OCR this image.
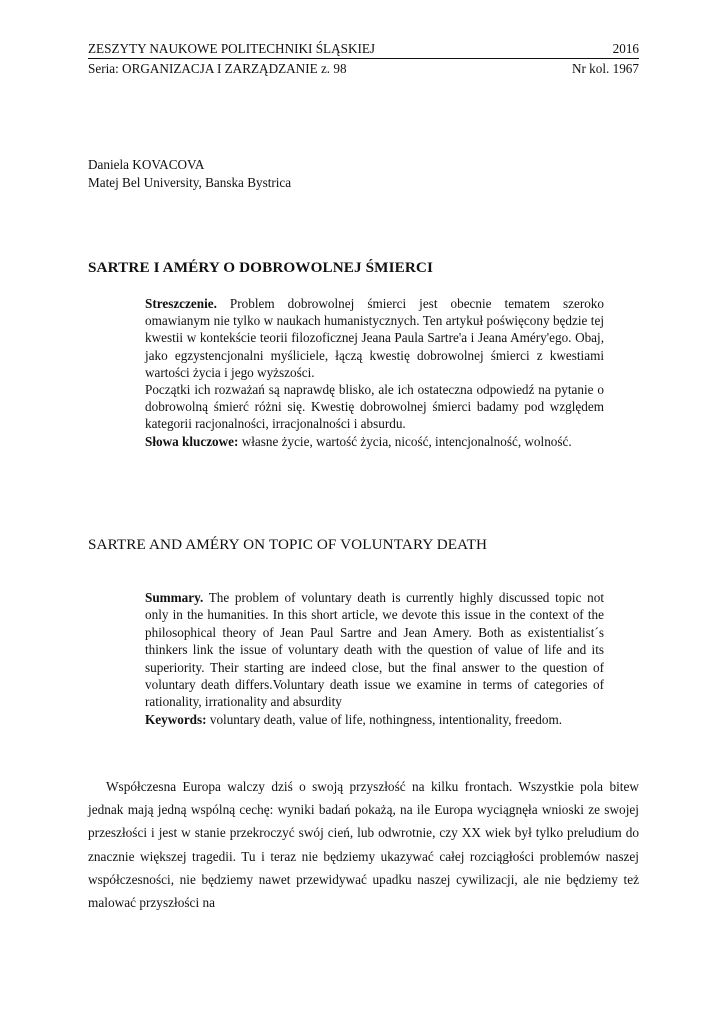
ZESZYTY NAUKOWE POLITECHNIKI ŚLĄSKIEJ	2016
Seria: ORGANIZACJA I ZARZĄDZANIE z. 98	Nr kol. 1967
Daniela KOVACOVA
Matej Bel University, Banska Bystrica
SARTRE I AMÉRY O DOBROWOLNEJ ŚMIERCI

Streszczenie. Problem dobrowolnej śmierci jest obecnie tematem szeroko omawianym nie tylko w naukach humanistycznych. Ten artykuł poświęcony będzie tej kwestii w kontekście teorii filozoficznej Jeana Paula Sartre'a i Jeana Améry'ego. Obaj, jako egzystencjonalni myśliciele, łączą kwestię dobrowolnej śmierci z kwestiami wartości życia i jego wyższości.

Początki ich rozważań są naprawdę blisko, ale ich ostateczna odpowiedź na pytanie o dobrowolną śmierć różni się. Kwestię dobrowolnej śmierci badamy pod względem kategorii racjonalności, irracjonalności i absurdu.

Słowa kluczowe: własne życie, wartość życia, nicość, intencjonalność, wolność.

SARTRE AND AMÉRY ON TOPIC OF VOLUNTARY DEATH

Summary. The problem of voluntary death is currently highly discussed topic not only in the humanities. In this short article, we devote this issue in the context of the philosophical theory of Jean Paul Sartre and Jean Amery. Both as existentialist´s thinkers link the issue of voluntary death with the question of value of life and its superiority. Their starting are indeed close, but the final answer to the question of voluntary death differs.Voluntary death issue we examine in terms of categories of rationality, irrationality and absurdity

Keywords: voluntary death, value of life, nothingness, intentionality, freedom.

Współczesna Europa walczy dziś o swoją przyszłość na kilku frontach. Wszystkie pola bitew jednak mają jedną wspólną cechę: wyniki badań pokażą, na ile Europa wyciągnęła wnioski ze swojej przeszłości i jest w stanie przekroczyć swój cień, lub odwrotnie, czy XX wiek był tylko preludium do znacznie większej tragedii. Tu i teraz nie będziemy ukazywać całej rozciągłości problemów naszej współczesności, nie będziemy nawet przewidywać upadku naszej cywilizacji, ale nie będziemy też malować przyszłości na
